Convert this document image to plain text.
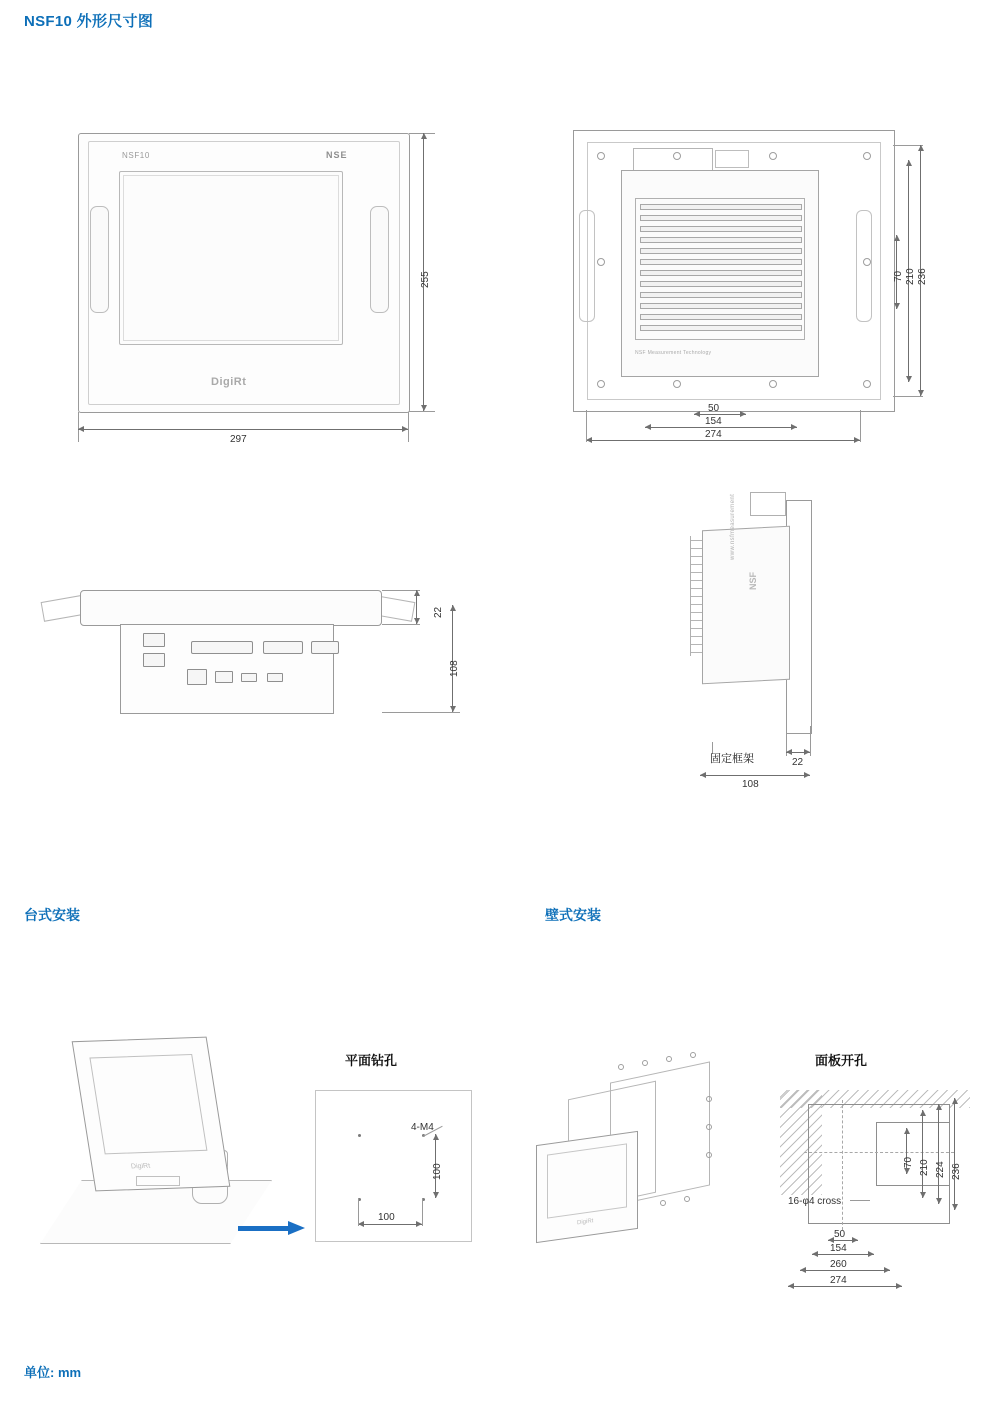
NSF10 外形尺寸图
NSF10	NSE
DigiRt
255
297
NSF Measurement Technology
236
210
70
50
154
274
22
108
www.nsfmeasurement
NSF
固定框架	22
108
台式安装	壁式安装
平面钻孔	面板开孔
DigiRt
4-M4
100
100	DigiRt
16-φ4 cross
70 210 224 236
50
154
260
274
单位: mm
